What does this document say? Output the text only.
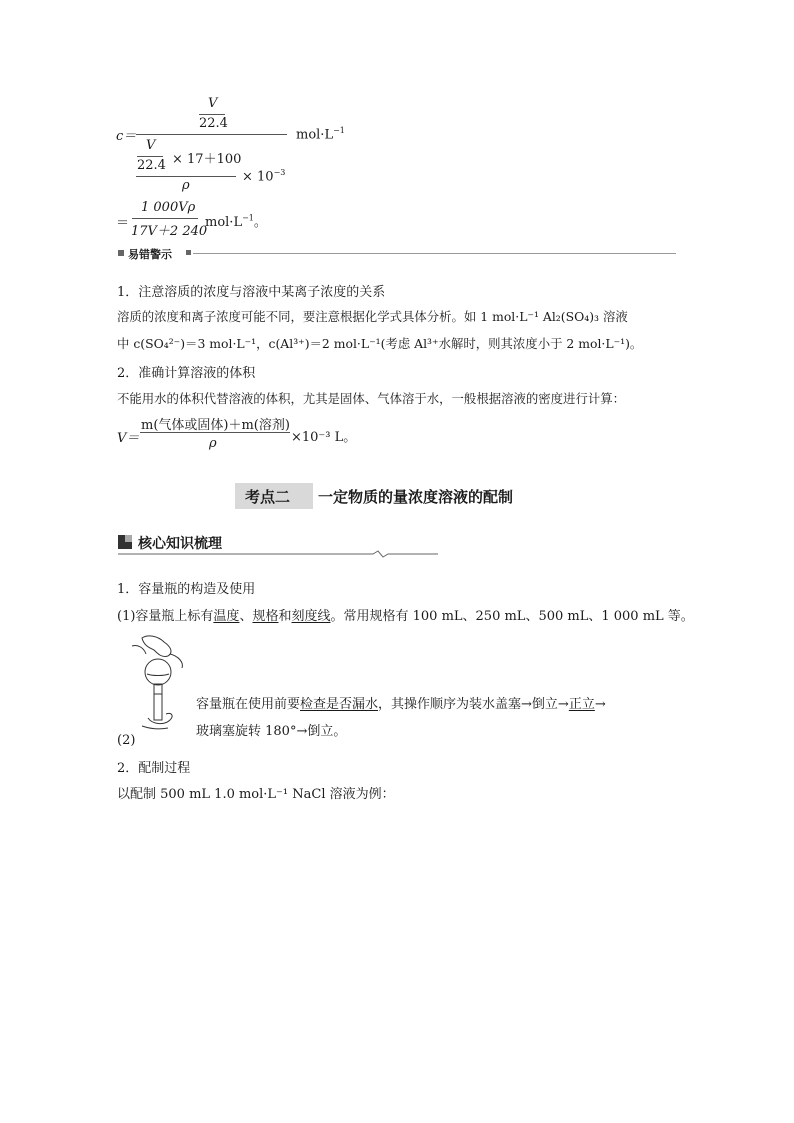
c＝
V
22.4
$mol\cdot L^{-1}$
V
22.4 × 17＋100
ρ
× $10^{-3}$
＝
1 000Vρ
17V＋2 240
$mol\cdot L^{-1}$。
易错警示
1．注意溶质的浓度与溶液中某离子浓度的关系
溶质的浓度和离子浓度可能不同，要注意根据化学式具体分析。如 1 mol·L⁻¹ Al₂(SO₄)₃ 溶液
中 c(SO₄²⁻)＝3 mol·L⁻¹，c(Al³⁺)＝2 mol·L⁻¹(考虑 Al³⁺水解时，则其浓度小于 2 mol·L⁻¹)。
2．准确计算溶液的体积
不能用水的体积代替溶液的体积，尤其是固体、气体溶于水，一般根据溶液的密度进行计算：
V＝
m(气体或固体)＋m(溶剂)
ρ	×10⁻³ L。
考点二 一定物质的量浓度溶液的配制
核心知识梳理
1．容量瓶的构造及使用
(1)容量瓶上标有温度、规格和刻度线。常用规格有 100 mL、250 mL、500 mL、1 000 mL 等。
(2)
容量瓶在使用前要检查是否漏水，其操作顺序为装水盖塞→倒立→正立→
玻璃塞旋转 180°→倒立。
2．配制过程
以配制 500 mL 1.0 mol·L⁻¹ NaCl 溶液为例：
